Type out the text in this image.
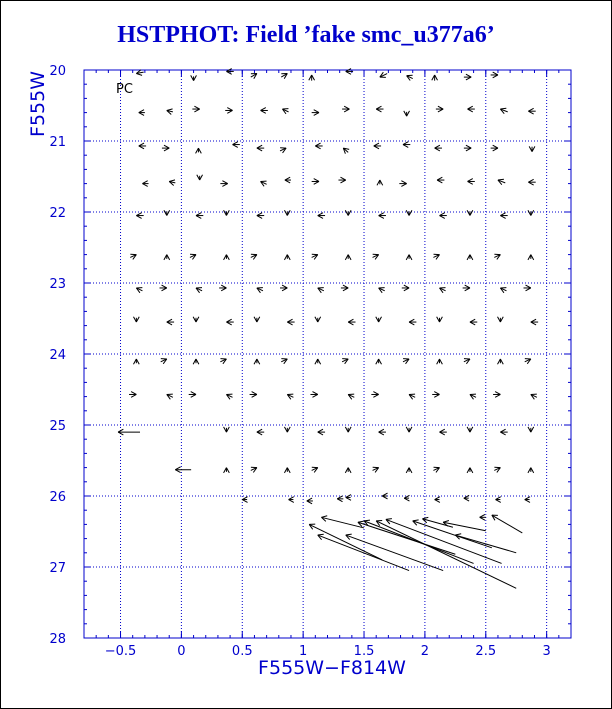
HSTPHOT: Field ’fake smc_u377a6’
−0.5	0	0.5	1	1.5	2	2.5	3
20
21
22
23
24
25
26
27
28
PC
F555W−F814W
F555W
